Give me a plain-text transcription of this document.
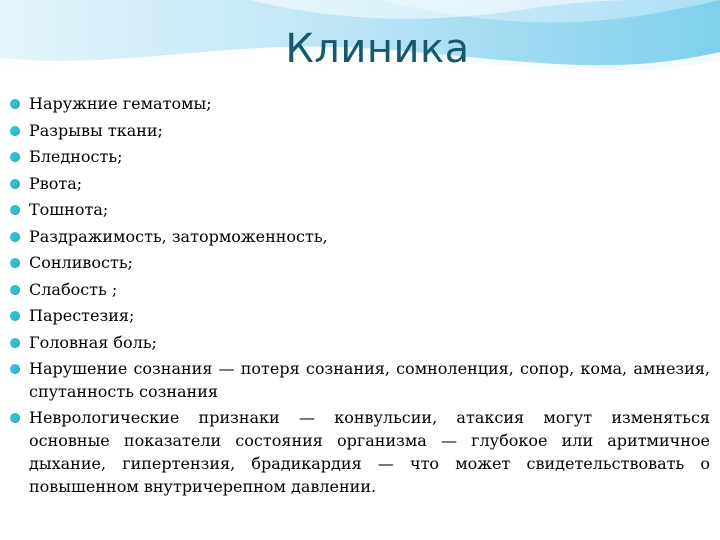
Клиника
Наружние гематомы;
Разрывы ткани;
Бледность;
Рвота;
Тошнота;
Раздражимость, заторможенность,
Сонливость;
Слабость ;
Парестезия;
Головная боль;
Нарушение сознания — потеря сознания, сомноленция, сопор, кома, амнезия, спутанность сознания
Неврологические признаки — конвульсии, атаксия могут изменяться основные показатели состояния организма — глубокое или аритмичное дыхание, гипертензия, брадикардия — что может свидетельствовать о повышенном внутричерепном давлении.
